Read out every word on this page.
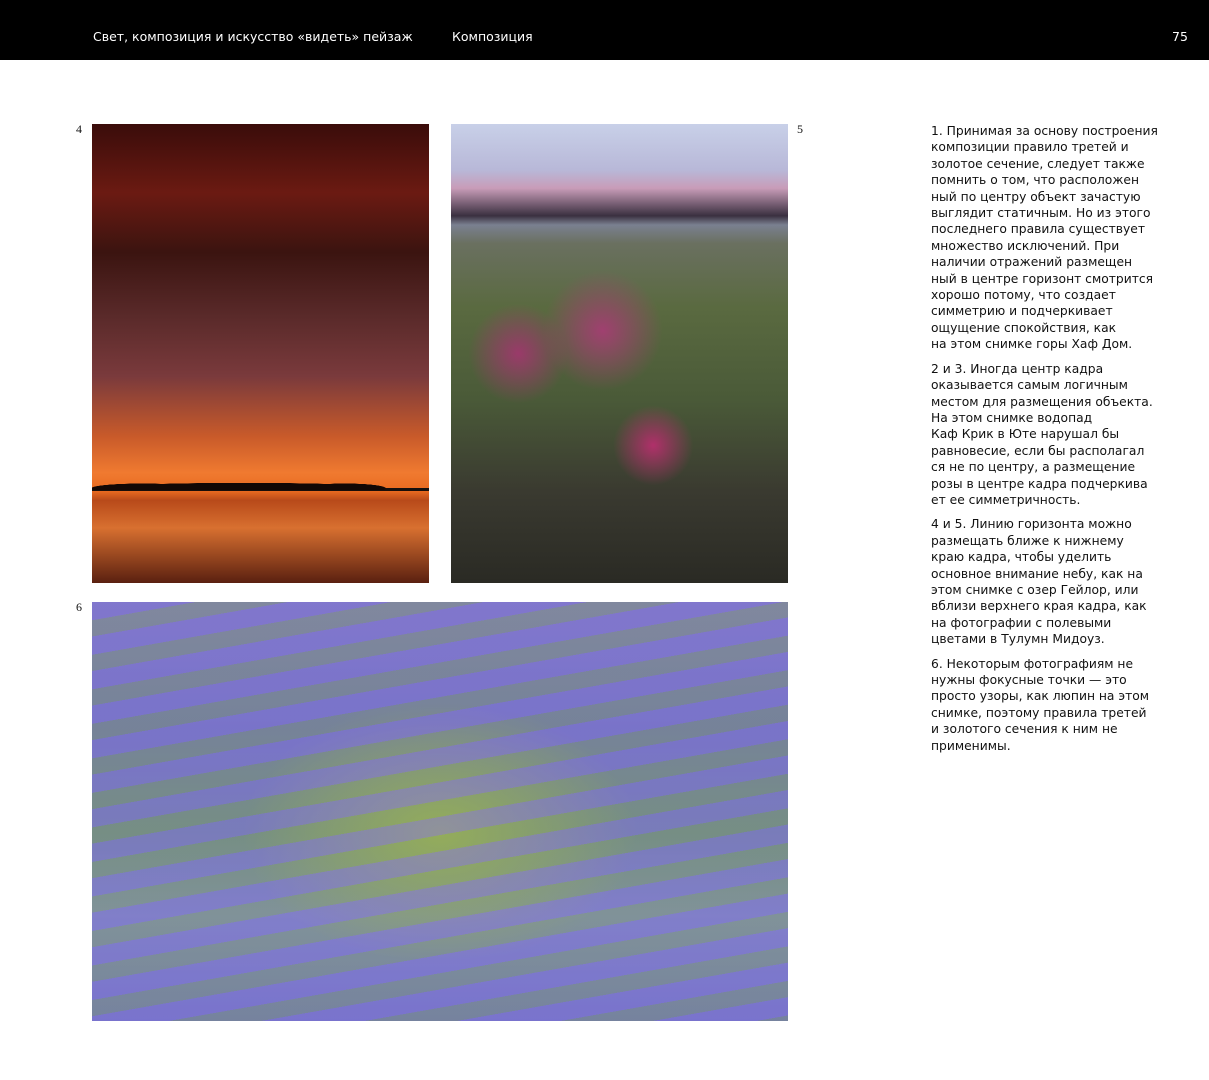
Свет, композиция и искусство «видеть» пейзаж	Композиция	75
4	5
6

1. Принимая за основу построения
композиции правило третей и
золотое сечение, следует также
помнить о том, что расположен
ный по центру объект зачастую
выглядит статичным. Но из этого
последнего правила существует
множество исключений. При
наличии отражений размещен
ный в центре горизонт смотрится
хорошо потому, что создает
симметрию и подчеркивает
ощущение спокойствия, как
на этом снимке горы Хаф Дом.

2 и 3. Иногда центр кадра
оказывается самым логичным
местом для размещения объекта.
На этом снимке водопад
Каф Крик в Юте нарушал бы
равновесие, если бы располагал
ся не по центру, а размещение
розы в центре кадра подчеркива
ет ее симметричность.

4 и 5. Линию горизонта можно
размещать ближе к нижнему
краю кадра, чтобы уделить
основное внимание небу, как на
этом снимке с озер Гейлор, или
вблизи верхнего края кадра, как
на фотографии с полевыми
цветами в Тулумн Мидоуз.

6. Некоторым фотографиям не
нужны фокусные точки — это
просто узоры, как люпин на этом
снимке, поэтому правила третей
и золотого сечения к ним не
применимы.
